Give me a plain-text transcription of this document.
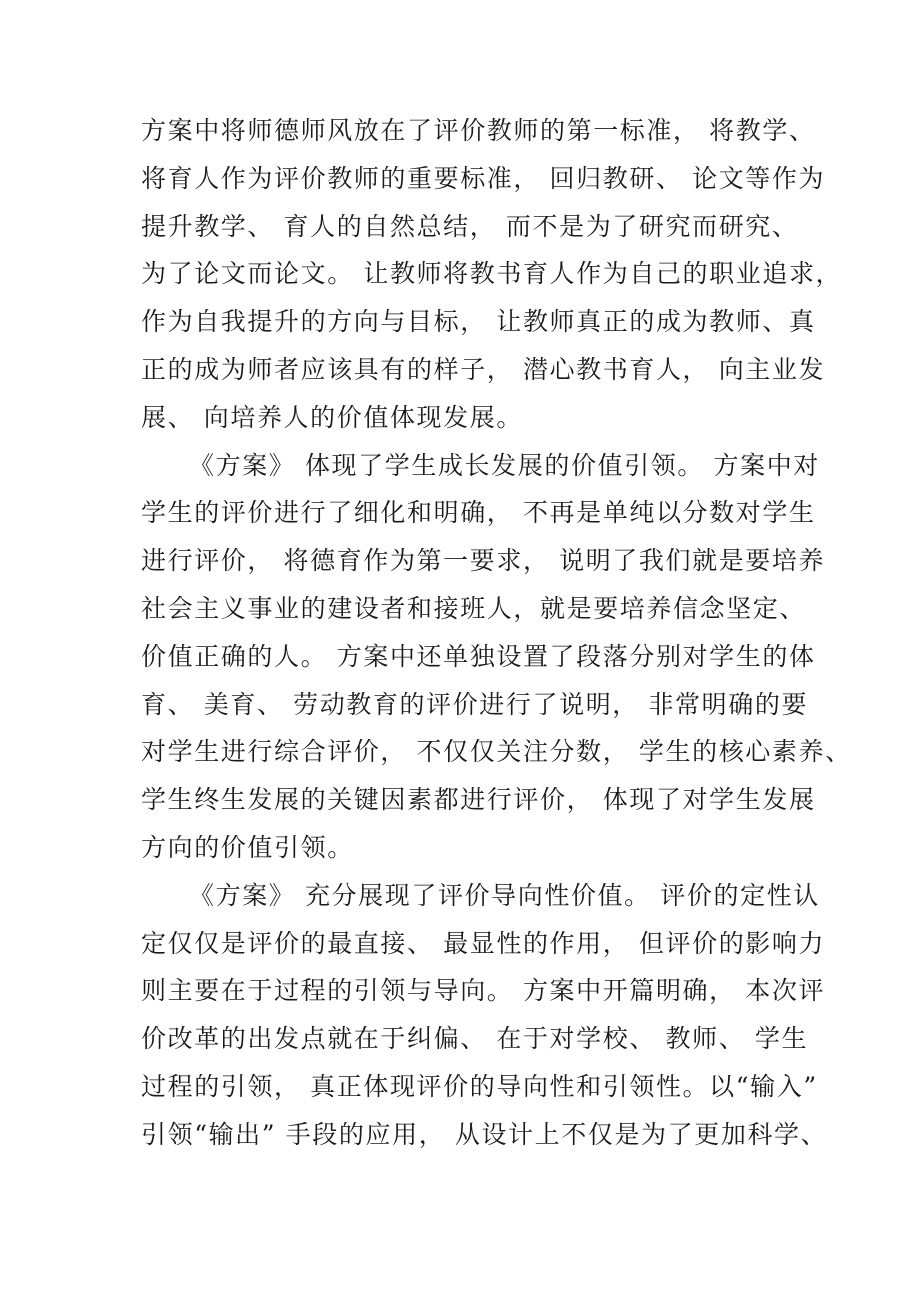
方案中将师德师风放在了评价教师的第一标准， 将教学、
将育人作为评价教师的重要标准， 回归教研、 论文等作为
提升教学、 育人的自然总结， 而不是为了研究而研究、
为了论文而论文。 让教师将教书育人作为自己的职业追求，
作为自我提升的方向与目标， 让教师真正的成为教师、真
正的成为师者应该具有的样子， 潜心教书育人， 向主业发
展、 向培养人的价值体现发展。
《方案》 体现了学生成长发展的价值引领。 方案中对
学生的评价进行了细化和明确， 不再是单纯以分数对学生
进行评价， 将德育作为第一要求， 说明了我们就是要培养
社会主义事业的建设者和接班人，就是要培养信念坚定、
价值正确的人。 方案中还单独设置了段落分别对学生的体
育、 美育、 劳动教育的评价进行了说明， 非常明确的要
对学生进行综合评价， 不仅仅关注分数， 学生的核心素养、
学生终生发展的关键因素都进行评价， 体现了对学生发展
方向的价值引领。
《方案》 充分展现了评价导向性价值。 评价的定性认
定仅仅是评价的最直接、 最显性的作用， 但评价的影响力
则主要在于过程的引领与导向。 方案中开篇明确， 本次评
价改革的出发点就在于纠偏、 在于对学校、 教师、 学生
过程的引领， 真正体现评价的导向性和引领性。以“输入”
引领“输出” 手段的应用， 从设计上不仅是为了更加科学、
